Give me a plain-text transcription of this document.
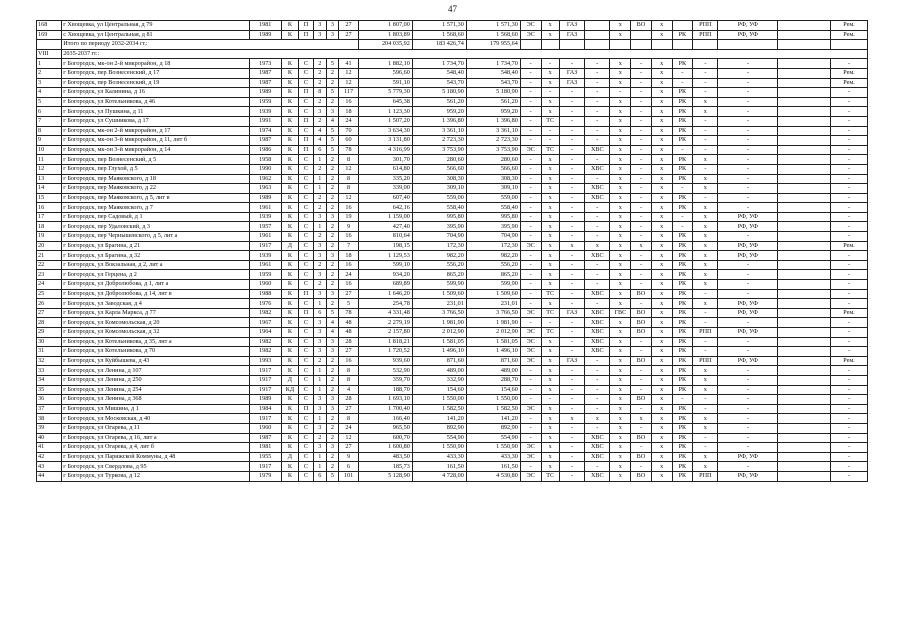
47
168	г Хвощевка, ул Центральная, д 79	1981	К	П	3	3	27	1 807,00	1 571,30	1 571,30	ЭС	х	ГАЗ		х	ВО	х		РПП	РФ, УФ		Рем.
169	с Хвощевка, ул Центральная, д 81	1989	К	П	3	3	27	1 803,89	1 568,60	1 568,60	ЭС	х	ГАЗ		х		х	РК	РПП	РФ, УФ		Рем.
	Итого по периоду 2032-2034 гг.:							204 035,92	183 426,74	179 955,64												
VIII	2035-2037 гг.:																					
1	г Богородск, мк-он 2-й микрорайон, д 18	1973	К	С	2	5	41	1 882,10	1 734,70	1 734,70	-	-	-	-	х	-	х	РК	-	-		-
2	г Богородск, пер Вознесенский, д 17	1987	К	С	2	2	12	596,60	548,40	548,40	-	х	ГАЗ	-	х	-	х	-	-	-		Рем.
3	г Богородск, пер Вознесенский, д 19	1987	К	С	2	2	12	591,10	543,70	543,70	-	х	ГАЗ	-	х	-	х	-	-	-		Рем.
4	г Богородск, ул Калинина, д 16	1989	К	П	8	5	117	5 779,30	5 180,90	5 180,90	-	-	-	-	-	-	х	РК	-	-		-
5	г Богородск, ул Котельникова, д 46	1959	К	С	2	2	16	645,38	561,20	561,20	-	х	-	-	х	-	х	РК	х	-		-
6	г Богородск, ул Пушкина, д 11	1939	К	С	3	3	18	1 123,30	959,20	959,20	-	х	-	-	х	-	х	РК	х	-		-
7	г Богородск, ул Сушникова, д 17	1991	К	П	2	4	24	1 507,20	1 396,80	1 396,80	-	ТС	-	-	х	-	х	РК	-	-		-
8	г Богородск, мк-он 2-й микрорайон, д 17	1974	К	С	4	5	70	3 634,30	3 361,10	3 361,10	-	-	-	-	х	-	х	РК	-	-		-
9	г Богородск, мк-он 3-й микрорайон, д 11, лит б	1987	К	П	4	5	60	3 131,80	2 723,30	2 723,30	-	-	-	-	х	-	х	РК	-	-		-
10	г Богородск, мк-он 3-й микрорайон, д 14	1986	К	П	6	5	78	4 316,99	3 753,90	3 753,90	ЭС	ТС	-	ХВС	х	-	х	-	-	-		-
11	г Богородск, пер Вознесенский, д 5	1958	К	С	1	2	8	301,70	280,60	280,60	-	х	-	-	х	-	х	РК	х	-		-
12	г Богородск, пер Глухой, д 5	1990	К	С	2	2	12	614,80	566,60	566,60	-	х	-	ХВС	х	-	х	РК	-	-		-
13	г Богородск, пер Маяковского, д 18	1962	К	С	1	2	8	335,20	308,30	308,30	-	х	-	-	х	-	х	РК	х	-		-
14	г Богородск, пер Маяковского, д 22	1963	К	С	1	2	8	339,00	309,10	309,10	-	х	-	ХВС	х	-	х	-	х	-		-
15	г Богородск, пер Маяковского, д 5, лит в	1989	К	С	2	2	12	607,40	559,00	559,00	-	х	-	ХВС	х	-	х	РК	-	-		-
16	г Богородск, пер Маяковского, д 7	1961	К	С	2	2	16	642,16	558,40	558,40	-	х	-	-	х	-	х	РК	х	-		-
17	г Богородск, пер Садовый, д 1	1939	К	С	3	3	19	1 159,00	995,80	995,80	-	х	-	-	х	-	х	-	х	РФ, УФ		-
18	г Богородск, пер Удаловский, д 3	1957	К	С	1	2	9	427,40	395,90	395,90	-	х	-	-	х	-	х	-	х	РФ, УФ		-
19	г Богородск, пер Чернышевского, д 5, лит а	1961	К	С	2	2	16	810,64	704,90	704,90	-	х	-	-	х	-	х	РК	х	-		-
20	г Богородск, ул Брагина, д 21	1917	Д	С	3	2	7	198,15	172,30	172,30	ЭС	х	х	х	х	х	х	РК	х	РФ, УФ		Рем.
21	г Богородск, ул Брагина, д 32	1939	К	С	3	3	18	1 129,53	982,20	982,20	-	х	-	ХВС	х	-	х	РК	х	РФ, УФ		-
22	г Богородск, ул Вокзальная, д 2, лит а	1961	К	С	2	2	16	599,10	556,20	556,20	-	х	-	-	х	-	х	РК	х	-		-
23	г Богородск, ул Герцена, д 2	1959	К	С	3	2	24	934,20	865,20	865,20	-	х	-	-	х	-	х	РК	х	-		-
24	г Богородск, ул Добролюбова, д 1, лит а	1960	К	С	2	2	16	689,89	599,90	599,90	-	х	-	-	х	-	х	РК	х	-		-
25	г Богородск, ул Добролюбова, д 14, лит в	1988	К	П	3	3	27	1 646,20	1 509,60	1 509,60	-	ТС	-	ХВС	х	ВО	х	РК	-	-		-
26	г Богородск, ул Заводская, д 4	1976	К	С	1	2	5	254,78	231,01	231,01	-	х	-	-	х	-	х	РК	х	РФ, УФ		-
27	г Богородск, ул Карла Маркса, д 77	1982	К	П	6	5	78	4 331,48	3 766,50	3 766,50	ЭС	ТС	ГАЗ	ХВС	ГВС	ВО	х	РК	-	РФ, УФ		Рем.
28	г Богородск, ул Комсомольская, д 20	1967	К	С	3	4	48	2 279,19	1 981,90	1 981,90	-	-	-	ХВС	х	ВО	х	РК	-	-		-
29	г Богородск, ул Комсомольская, д 32	1964	К	С	3	4	48	2 157,80	2 012,90	2 012,90	ЭС	ТС	-	ХВС	х	ВО	х	РК	РПП	РФ, УФ		-
30	г Богородск, ул Котельникова, д 35, лит а	1982	К	С	3	3	28	1 818,21	1 581,05	1 581,05	ЭС	х	-	ХВС	х	-	х	РК	-	-		-
31	г Богородск, ул Котельникова, д 70	1982	К	С	3	3	27	1 720,52	1 496,10	1 496,10	ЭС	х	-	ХВС	х	-	х	РК	-	-		-
32	г Богородск, ул Куйбышева, д 43	1993	К	С	2	2	16	939,60	871,60	871,60	ЭС	х	ГАЗ	-	х	ВО	х	РК	РПП	РФ, УФ		Рем.
33	г Богородск, ул Ленина, д 107	1917	К	С	1	2	8	532,90	489,00	489,00	-	х	-	-	х	-	х	РК	х	-		-
34	г Богородск, ул Ленина, д 250	1917	Д	С	1	2	8	359,70	332,90	288,70	-	х	-	-	х	-	х	РК	х	-		-
35	г Богородск, ул Ленина, д 254	1917	КД	С	1	2	4	188,70	154,60	154,60	-	х	-	-	х	-	х	РК	х	-		-
36	г Богородск, ул Ленина, д 368	1989	К	С	3	3	28	1 693,10	1 550,00	1 550,00	-	-	-	-	х	ВО	х	-	-	-		-
37	г Богородск, ул Мишина, д 1	1984	К	П	3	3	27	1 700,40	1 582,50	1 582,50	ЭС	х	-	-	х	-	х	РК	-	-		-
38	г Богородск, ул Московская, д 40	1917	К	С	1	2	8	166,40	141,20	141,20	-	х	х	х	х	х	х	РК	х	-		-
39	г Богородск, ул Огарева, д 11	1960	К	С	3	2	24	965,50	892,90	892,90	-	х	-	-	х	-	х	РК	х	-		-
40	г Богородск, ул Огарева, д 16, лит а	1987	К	С	2	2	12	600,70	554,90	554,90	-	х	-	ХВС	х	ВО	х	РК	-	-		-
41	г Богородск, ул Огарева, д 4, лит б	1981	К	С	3	3	27	1 600,80	1 550,90	1 550,90	ЭС	х	-	ХВС	х	-	х	РК	-	-		-
42	г Богородск, ул Парижской Коммуны, д 48	1955	Д	С	1	2	9	483,50	433,30	433,30	ЭС	х	-	ХВС	х	ВО	х	РК	х	РФ, УФ		-
43	г Богородск, ул Свердлова, д 95	1917	К	С	1	2	6	185,73	161,50	161,50	-	х	-	-	х	-	х	РК	х	-		-
44	г Богородск, ул Туркова, д 12	1979	К	С	6	5	101	5 128,90	4 728,00	4 530,80	ЭС	ТС	-	ХВС	х	ВО	х	РК	РПП	РФ, УФ		-
